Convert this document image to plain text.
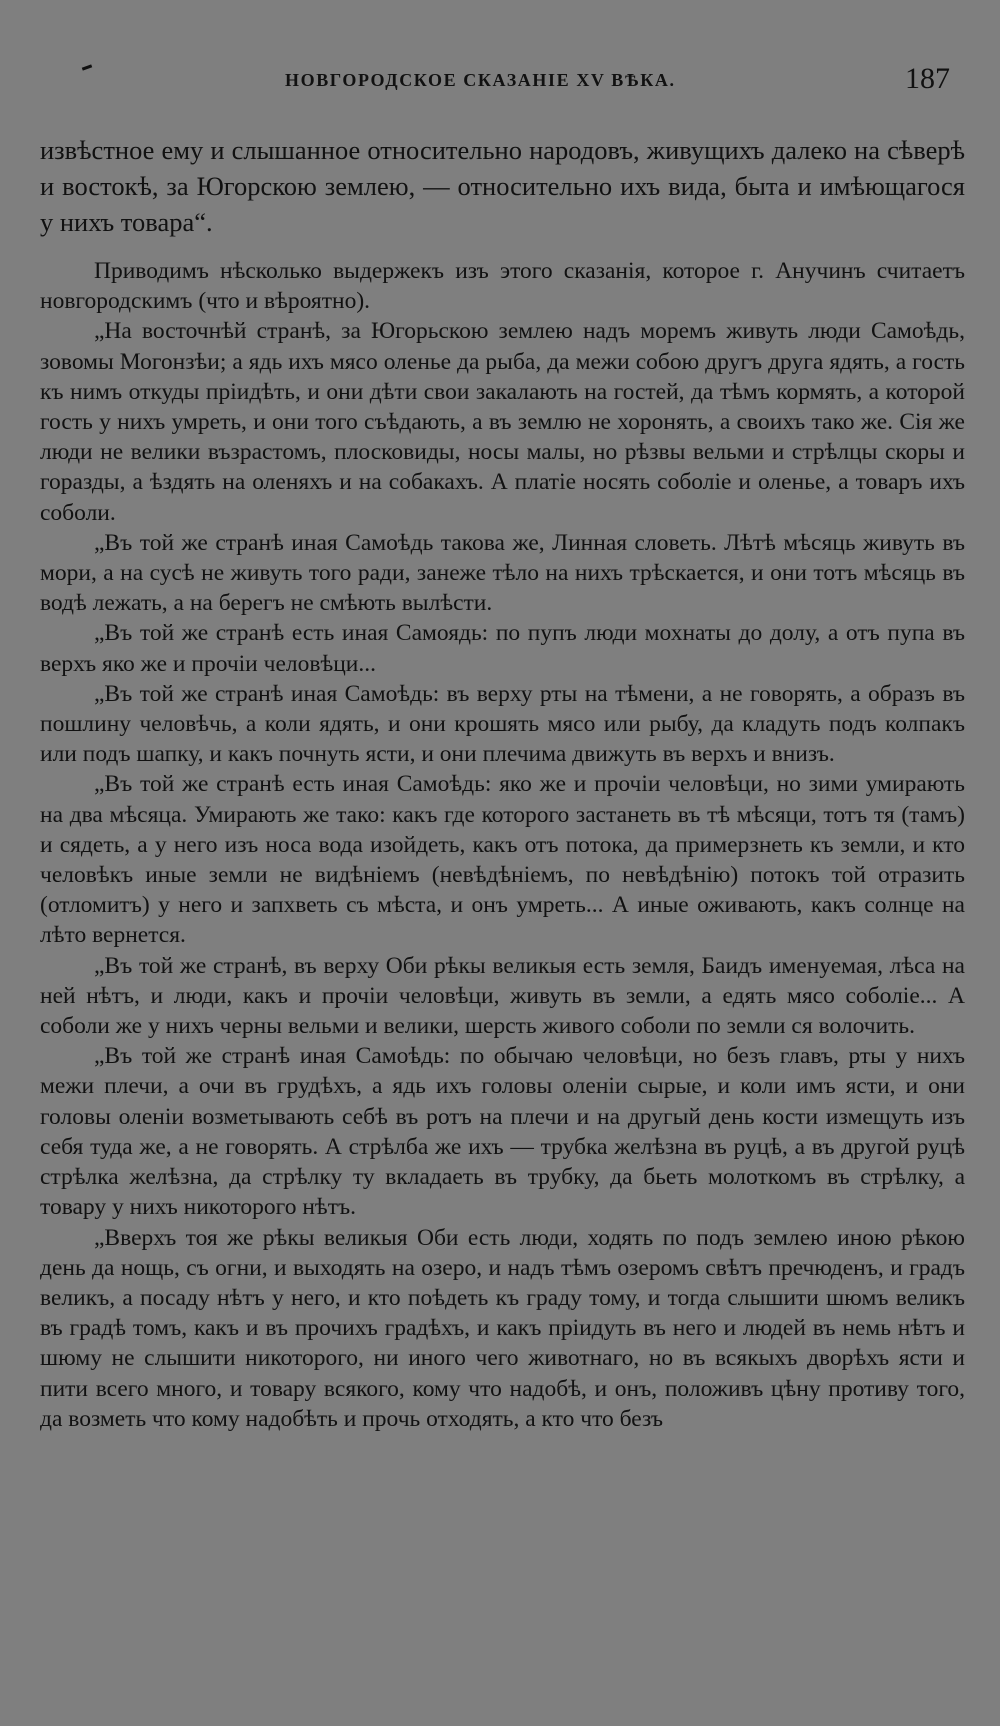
НОВГОРОДСКОЕ СКАЗАНІЕ XV ВѢКА.	187

извѣстное ему и слышанное относительно народовъ, живущихъ далеко на сѣверѣ и востокѣ, за Югорскою землею, — относительно ихъ вида, быта и имѣющагося у нихъ товара“.

Приводимъ нѣсколько выдержекъ изъ этого сказанія, которое г. Анучинъ считаетъ новгородскимъ (что и вѣроятно).

„На восточнѣй странѣ, за Югорьскою землею надъ моремъ живуть люди Самоѣдь, зовомы Могонзѣи; а ядь ихъ мясо оленье да рыба, да межи собою другъ друга ядять, а гость къ нимъ откуды пріидѣть, и они дѣти свои закалають на гостей, да тѣмъ кормять, а которой гость у нихъ умреть, и они того съѣдають, а въ землю не хоронять, а своихъ тако же. Сія же люди не велики възрастомъ, плосковиды, носы малы, но рѣзвы вельми и стрѣлцы скоры и горазды, а ѣздять на оленяхъ и на собакахъ. А платіе носять соболіе и оленье, а товаръ ихъ соболи.

„Въ той же странѣ иная Самоѣдь такова же, Линная словеть. Лѣтѣ мѣсяць живуть въ мори, а на сусѣ не живуть того ради, занеже тѣло на нихъ трѣскается, и они тотъ мѣсяць въ водѣ лежать, а на берегъ не смѣють вылѣсти.

„Въ той же странѣ есть иная Самоядь: по пупъ люди мохнаты до долу, а отъ пупа въ верхъ яко же и прочіи человѣци...

„Въ той же странѣ иная Самоѣдь: въ верху рты на тѣмени, а не говорять, а образъ въ пошлину человѣчь, а коли ядять, и они крошять мясо или рыбу, да кладуть подъ колпакъ или подъ шапку, и какъ почнуть ясти, и они плечима движуть въ верхъ и внизъ.

„Въ той же странѣ есть иная Самоѣдь: яко же и прочіи человѣци, но зими умирають на два мѣсяца. Умирають же тако: какъ где которого застанеть въ тѣ мѣсяци, тотъ тя (тамъ) и сядеть, а у него изъ носа вода изойдеть, какъ отъ потока, да примерзнеть къ земли, и кто человѣкъ иные земли не видѣніемъ (невѣдѣніемъ, по невѣдѣнію) потокъ той отразить (отломитъ) у него и запхветь съ мѣста, и онъ умреть... А иные оживають, какъ солнце на лѣто вернется.

„Въ той же странѣ, въ верху Оби рѣкы великыя есть земля, Баидъ именуемая, лѣса на ней нѣтъ, и люди, какъ и прочіи человѣци, живуть въ земли, а едять мясо соболіе... А соболи же у нихъ черны вельми и велики, шерсть живого соболи по земли ся волочить.

„Въ той же странѣ иная Самоѣдь: по обычаю человѣци, но безъ главъ, рты у нихъ межи плечи, а очи въ грудѣхъ, а ядь ихъ головы оленіи сырые, и коли имъ ясти, и они головы оленіи возметывають себѣ въ ротъ на плечи и на другый день кости измещуть изъ себя туда же, а не говорять. А стрѣлба же ихъ — трубка желѣзна въ руцѣ, а въ другой руцѣ стрѣлка желѣзна, да стрѣлку ту вкладаеть въ трубку, да бьеть молоткомъ въ стрѣлку, а товару у нихъ никоторого нѣтъ.

„Вверхъ тоя же рѣкы великыя Оби есть люди, ходять по подъ землею иною рѣкою день да нощь, съ огни, и выходять на озеро, и надъ тѣмъ озеромъ свѣтъ пречюденъ, и градъ великъ, а посаду нѣтъ у него, и кто поѣдеть къ граду тому, и тогда слышити шюмъ великъ въ градѣ томъ, какъ и въ прочихъ градѣхъ, и какъ пріидуть въ него и людей въ немь нѣтъ и шюму не слышити никоторого, ни иного чего животнаго, но въ всякыхъ дворѣхъ ясти и пити всего много, и товару всякого, кому что надобѣ, и онъ, положивъ цѣну противу того, да возметь что кому надобѣть и прочь отходять, а кто что безъ
